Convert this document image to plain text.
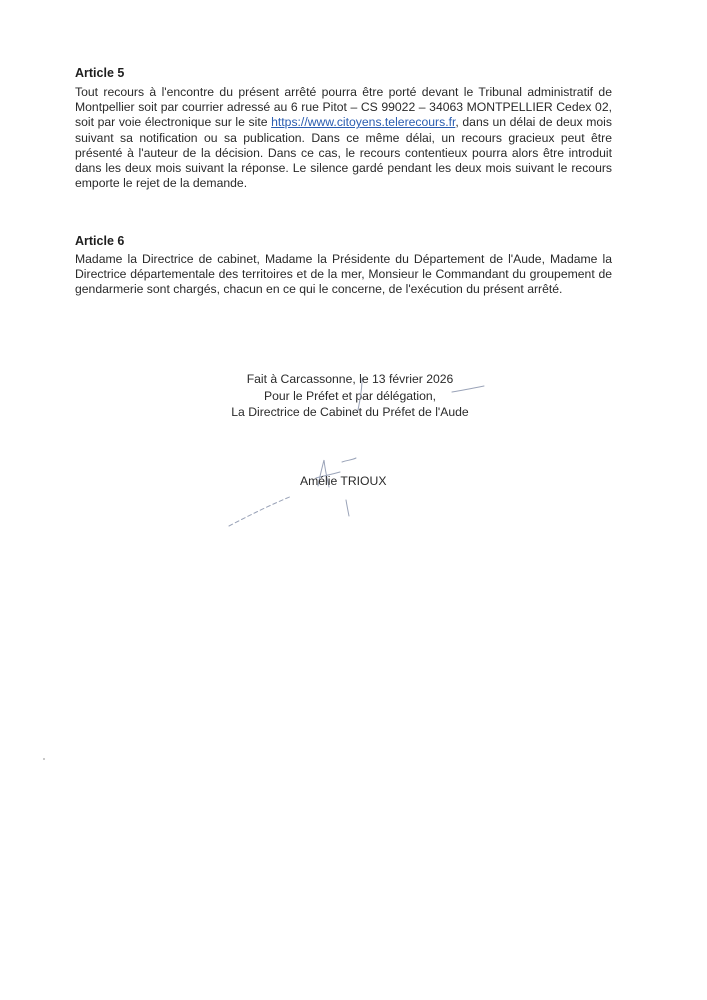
Article 5
Tout recours à l'encontre du présent arrêté pourra être porté devant le Tribunal administratif de Montpellier soit par courrier adressé au 6 rue Pitot – CS 99022 – 34063 MONTPELLIER Cedex 02, soit par voie électronique sur le site https://www.citoyens.telerecours.fr, dans un délai de deux mois suivant sa notification ou sa publication. Dans ce même délai, un recours gracieux peut être présenté à l'auteur de la décision. Dans ce cas, le recours contentieux pourra alors être introduit dans les deux mois suivant la réponse. Le silence gardé pendant les deux mois suivant le recours emporte le rejet de la demande.
Article 6
Madame la Directrice de cabinet, Madame la Présidente du Département de l'Aude, Madame la Directrice départementale des territoires et de la mer, Monsieur le Commandant du groupement de gendarmerie sont chargés, chacun en ce qui le concerne, de l'exécution du présent arrêté.
Fait à Carcassonne, le 13 février 2026
Pour le Préfet et par délégation,
La Directrice de Cabinet du Préfet de l'Aude
Amélie TRIOUX
